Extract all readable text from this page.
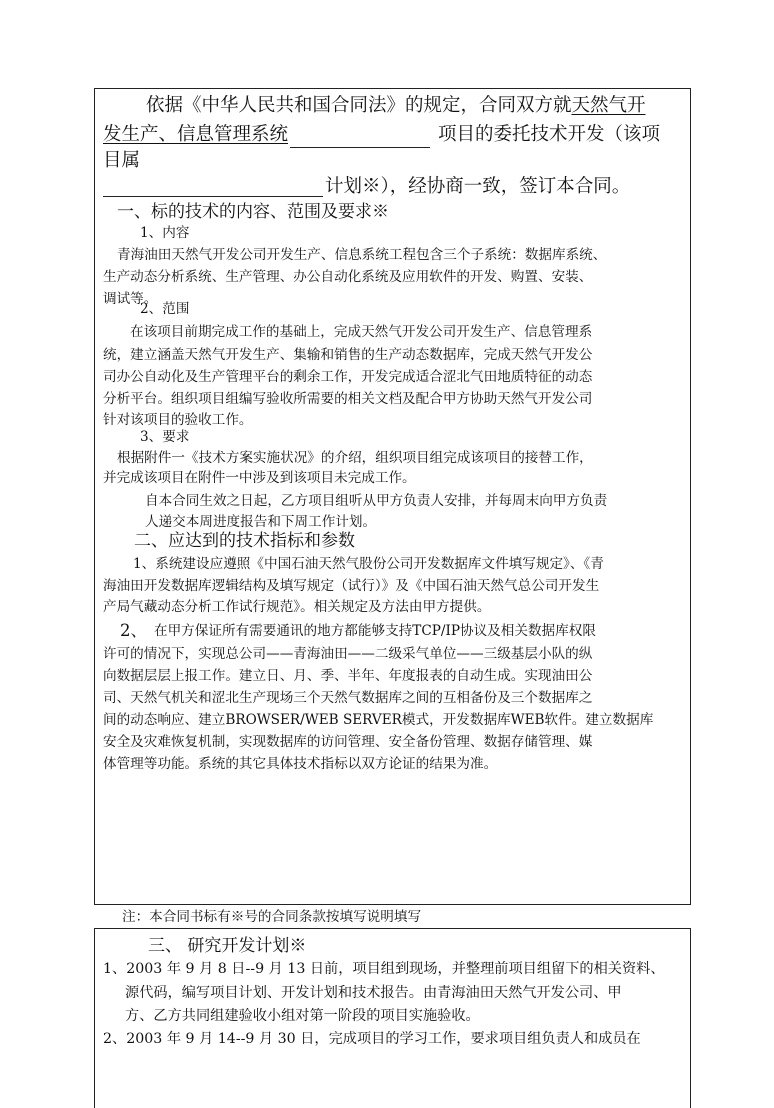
依据《中华人民共和国合同法》的规定，合同双方就天然气开
发生产、信息管理系统	项目的委托技术开发（该项
目属
计划※），经协商一致，签订本合同。
一、标的技术的内容、范围及要求※
1、内容
青海油田天然气开发公司开发生产、信息系统工程包含三个子系统：数据库系统、
生产动态分析系统、生产管理、办公自动化系统及应用软件的开发、购置、安装、
调试等。
2、范围
在该项目前期完成工作的基础上，完成天然气开发公司开发生产、信息管理系
统，建立涵盖天然气开发生产、集输和销售的生产动态数据库，完成天然气开发公
司办公自动化及生产管理平台的剩余工作，开发完成适合涩北气田地质特征的动态
分析平台。组织项目组编写验收所需要的相关文档及配合甲方协助天然气开发公司
针对该项目的验收工作。
3、要求
根据附件一《技术方案实施状况》的介绍，组织项目组完成该项目的接替工作，
并完成该项目在附件一中涉及到该项目未完成工作。
自本合同生效之日起，乙方项目组听从甲方负责人安排，并每周末向甲方负责
人递交本周进度报告和下周工作计划。
二、应达到的技术指标和参数
1、系统建设应遵照《中国石油天然气股份公司开发数据库文件填写规定》、《青
海油田开发数据库逻辑结构及填写规定（试行）》及《中国石油天然气总公司开发生
产局气藏动态分析工作试行规范》。相关规定及方法由甲方提供。
2、 在甲方保证所有需要通讯的地方都能够支持TCP/IP协议及相关数据库权限
许可的情况下，实现总公司——青海油田——二级采气单位——三级基层小队的纵
向数据层层上报工作。建立日、月、季、半年、年度报表的自动生成。实现油田公
司、天然气机关和涩北生产现场三个天然气数据库之间的互相备份及三个数据库之
间的动态响应、建立BROWSER/WEB SERVER模式，开发数据库WEB软件。建立数据库
安全及灾难恢复机制，实现数据库的访问管理、安全备份管理、数据存储管理、媒
体管理等功能。系统的其它具体技术指标以双方论证的结果为准。
注：本合同书标有※号的合同条款按填写说明填写
三、 研究开发计划※
1、2003 年 9 月 8 日--9 月 13 日前，项目组到现场，并整理前项目组留下的相关资料、
源代码，编写项目计划、开发计划和技术报告。由青海油田天然气开发公司、甲
方、乙方共同组建验收小组对第一阶段的项目实施验收。
2、2003 年 9 月 14--9 月 30 日，完成项目的学习工作，要求项目组负责人和成员在
